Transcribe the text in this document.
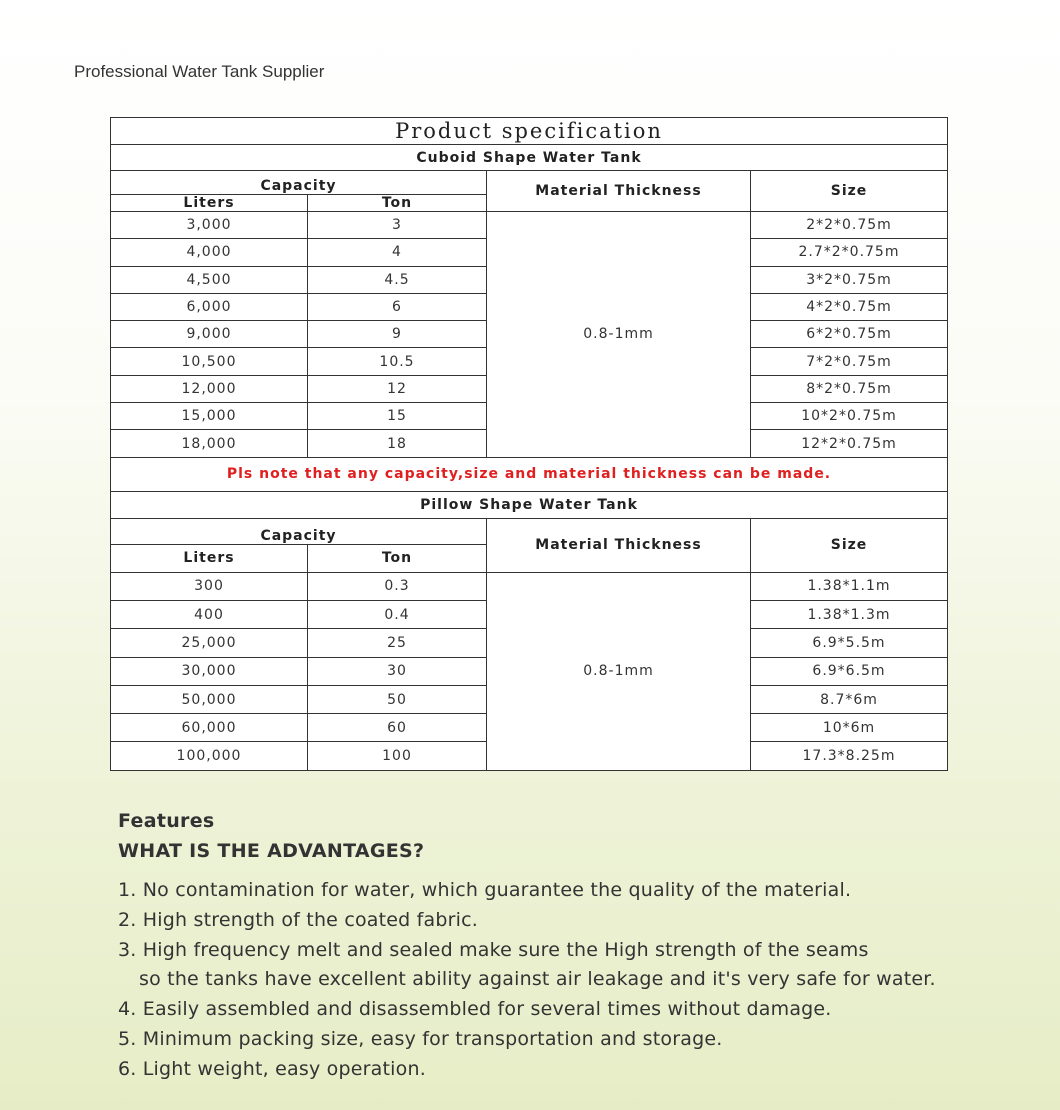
Professional Water Tank Supplier
Product specification			
Cuboid Shape Water Tank			
Capacity		Material Thickness	Size
Liters	Ton		
3,000	3	0.8-1mm	2*2*0.75m
4,000	4		2.7*2*0.75m
4,500	4.5		3*2*0.75m
6,000	6		4*2*0.75m
9,000	9		6*2*0.75m
10,500	10.5		7*2*0.75m
12,000	12		8*2*0.75m
15,000	15		10*2*0.75m
18,000	18		12*2*0.75m
Pls note that any capacity,size and material thickness can be made.			
Pillow Shape Water Tank			
Capacity		Material Thickness	Size
Liters	Ton		
300	0.3	0.8-1mm	1.38*1.1m
400	0.4		1.38*1.3m
25,000	25		6.9*5.5m
30,000	30		6.9*6.5m
50,000	50		8.7*6m
60,000	60		10*6m
100,000	100		17.3*8.25m
Features
WHAT IS THE ADVANTAGES?
1. No contamination for water, which guarantee the quality of the material.
2. High strength of the coated fabric.
3. High frequency melt and sealed make sure the High strength of the seams
so the tanks have excellent ability against air leakage and it's very safe for water.
4. Easily assembled and disassembled for several times without damage.
5. Minimum packing size, easy for transportation and storage.
6. Light weight, easy operation.
